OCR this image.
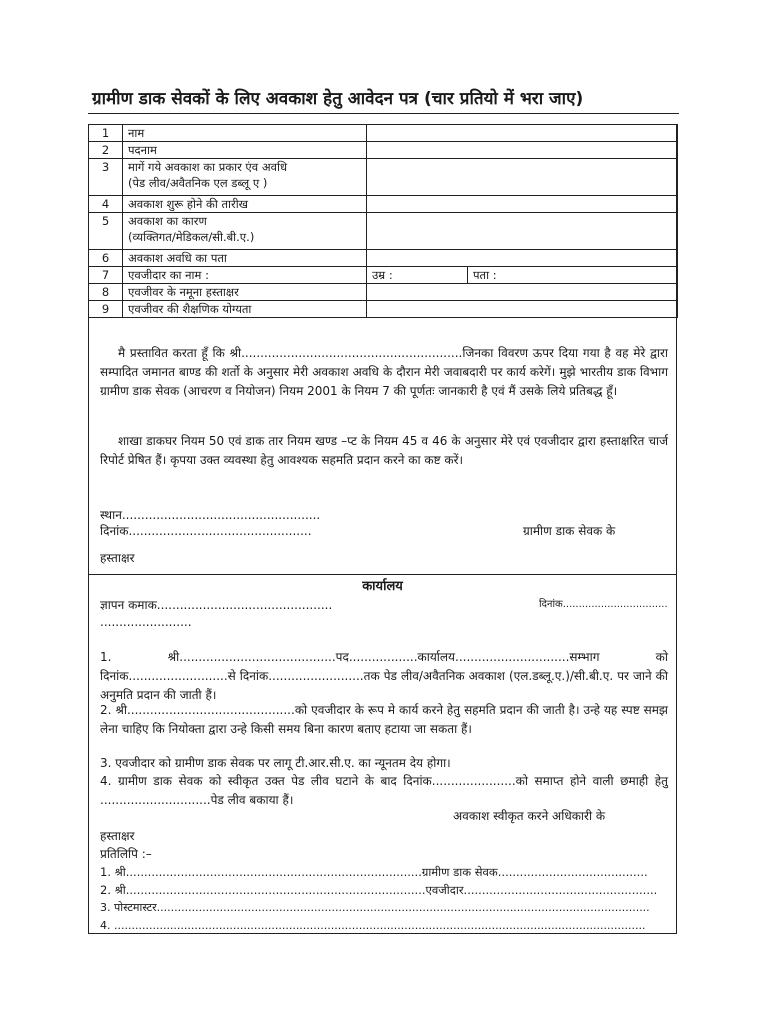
ग्रामीण डाक सेवकों के लिए अवकाश हेतु आवेदन पत्र (चार प्रतियो में भरा जाए)
1	नाम		
2	पदनाम		
3	मागें गये अवकाश का प्रकार एंव अवधि
(पेड लीव/अवैतनिक एल डब्लू ए )		

4	अवकाश शुरू होने की तारीख		
5	अवकाश का कारण
(व्यक्तिगत/मेडिकल/सी.बी.ए.)		

6	अवकाश अवधि का पता		
7	एवजीदार का नाम :	उम्र :	पता :
8	एवजीवर के नमूना हस्ताक्षर		
9	एवजीवर की शैक्षणिक योग्यता		
मै प्रस्तावित करता हूँ कि श्री..........................................................जिनका विवरण ऊपर दिया गया है वह मेरे द्वारा सम्पादित जमानत बाण्ड की शर्तो के अनुसार मेरी अवकाश अवधि के दौरान मेरी जवाबदारी पर कार्य करेगें। मुझे भारतीय डाक विभाग ग्रामीण डाक सेवक (आचरण व नियोजन) नियम 2001 के नियम 7 की पूर्णतः जानकारी है एवं मैं उसके लिये प्रतिबद्ध हूँ।
शाखा डाकघर नियम 50 एवं डाक तार नियम खण्ड –प्ट के नियम 45 व 46 के अनुसार मेरे एवं एवजीदार द्वारा हस्ताक्षरित चार्ज रिपोर्ट प्रेषित हैं। कृपया उक्त व्यवस्था हेतु आवश्यक सहमति प्रदान करने का कष्ट करें।
स्थान....................................................
दिनांक................................................	ग्रामीण डाक सेवक के
हस्ताक्षर
कार्यालय
ज्ञापन कमाक..............................................	दिनांक.................................
........................
1. श्री.........................................पद..................कार्यालय..............................सम्भाग को दिनांक..........................से दिनांक.........................तक पेड लीव/अवैतनिक अवकाश (एल.डब्लू.ए.)/सी.बी.ए. पर जाने की अनुमति प्रदान की जाती हैं।
2. श्री............................................को एवजीदार के रूप मे कार्य करने हेतु सहमति प्रदान की जाती है। उन्हे यह स्पष्ट समझ लेना चाहिए कि नियोक्ता द्वारा उन्हे किसी समय बिना कारण बताए हटाया जा सकता हैं।
3. एवजीदार को ग्रामीण डाक सेवक पर लागू टी.आर.सी.ए. का न्यूनतम देय होगा।
4. ग्रामीण डाक सेवक को स्वीकृत उक्त पेड लीव घटाने के बाद दिनांक......................को समाप्त होने वाली छमाही हेतु .............................पेड लीव बकाया हैं।
अवकाश स्वीकृत करने अधिकारी के
हस्ताक्षर
प्रतिलिपि :–
1. श्री.................................................................................ग्रामीण डाक सेवक.........................................
2. श्री..................................................................................एवजीदार.....................................................
3. पोस्टमास्टर.............................................................................................................................................
4. ........................................................................................................................................................
